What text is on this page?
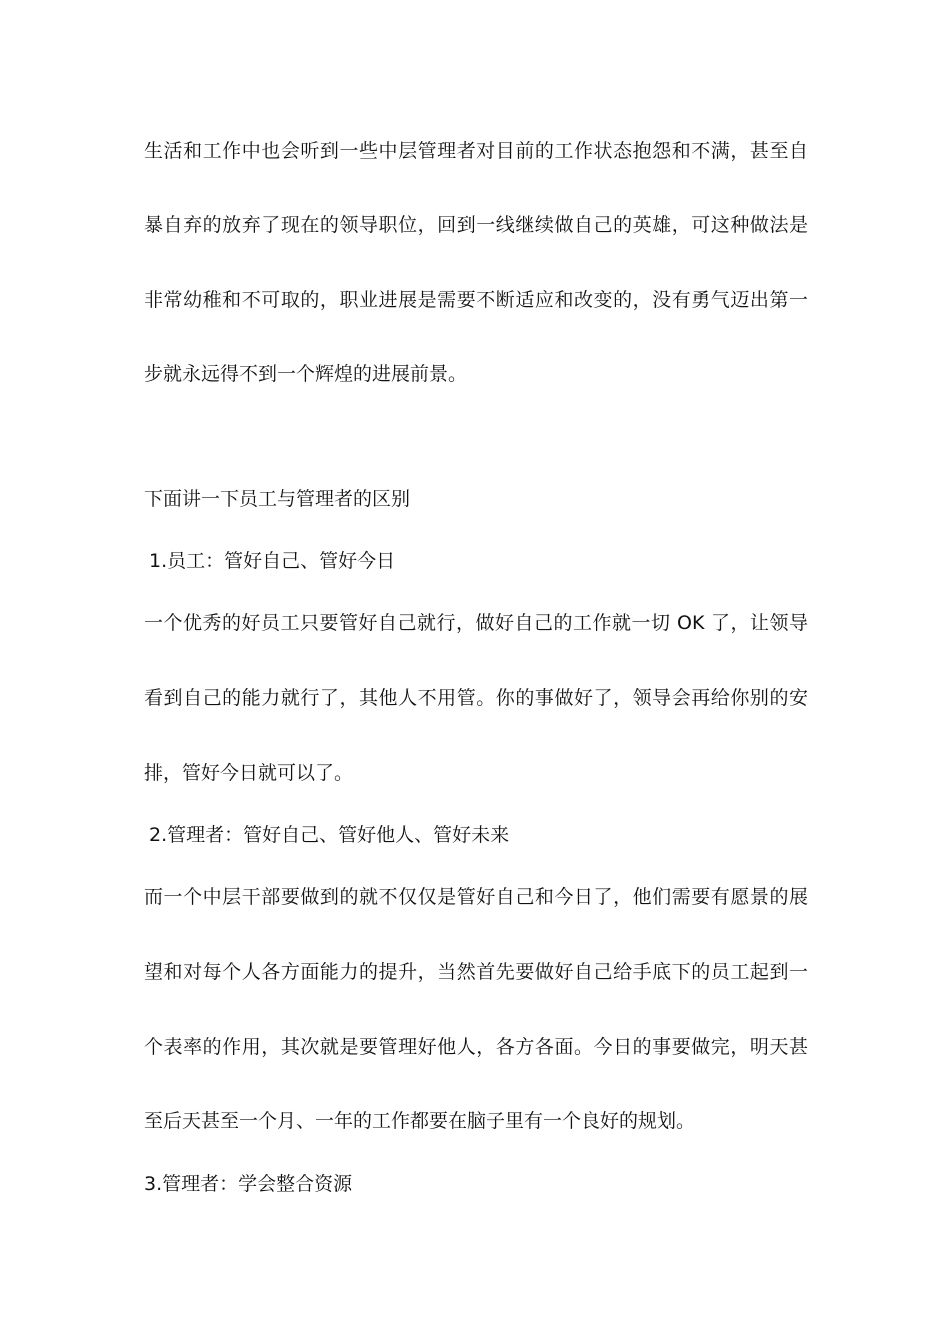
生活和工作中也会听到一些中层管理者对目前的工作状态抱怨和不满，甚至自
暴自弃的放弃了现在的领导职位，回到一线继续做自己的英雄，可这种做法是
非常幼稚和不可取的，职业进展是需要不断适应和改变的，没有勇气迈出第一
步就永远得不到一个辉煌的进展前景。
下面讲一下员工与管理者的区别
1.员工：管好自己、管好今日
一个优秀的好员工只要管好自己就行，做好自己的工作就一切 OK 了，让领导
看到自己的能力就行了，其他人不用管。你的事做好了，领导会再给你别的安
排，管好今日就可以了。
2.管理者：管好自己、管好他人、管好未来
而一个中层干部要做到的就不仅仅是管好自己和今日了，他们需要有愿景的展
望和对每个人各方面能力的提升，当然首先要做好自己给手底下的员工起到一
个表率的作用，其次就是要管理好他人，各方各面。今日的事要做完，明天甚
至后天甚至一个月、一年的工作都要在脑子里有一个良好的规划。
3.管理者：学会整合资源
